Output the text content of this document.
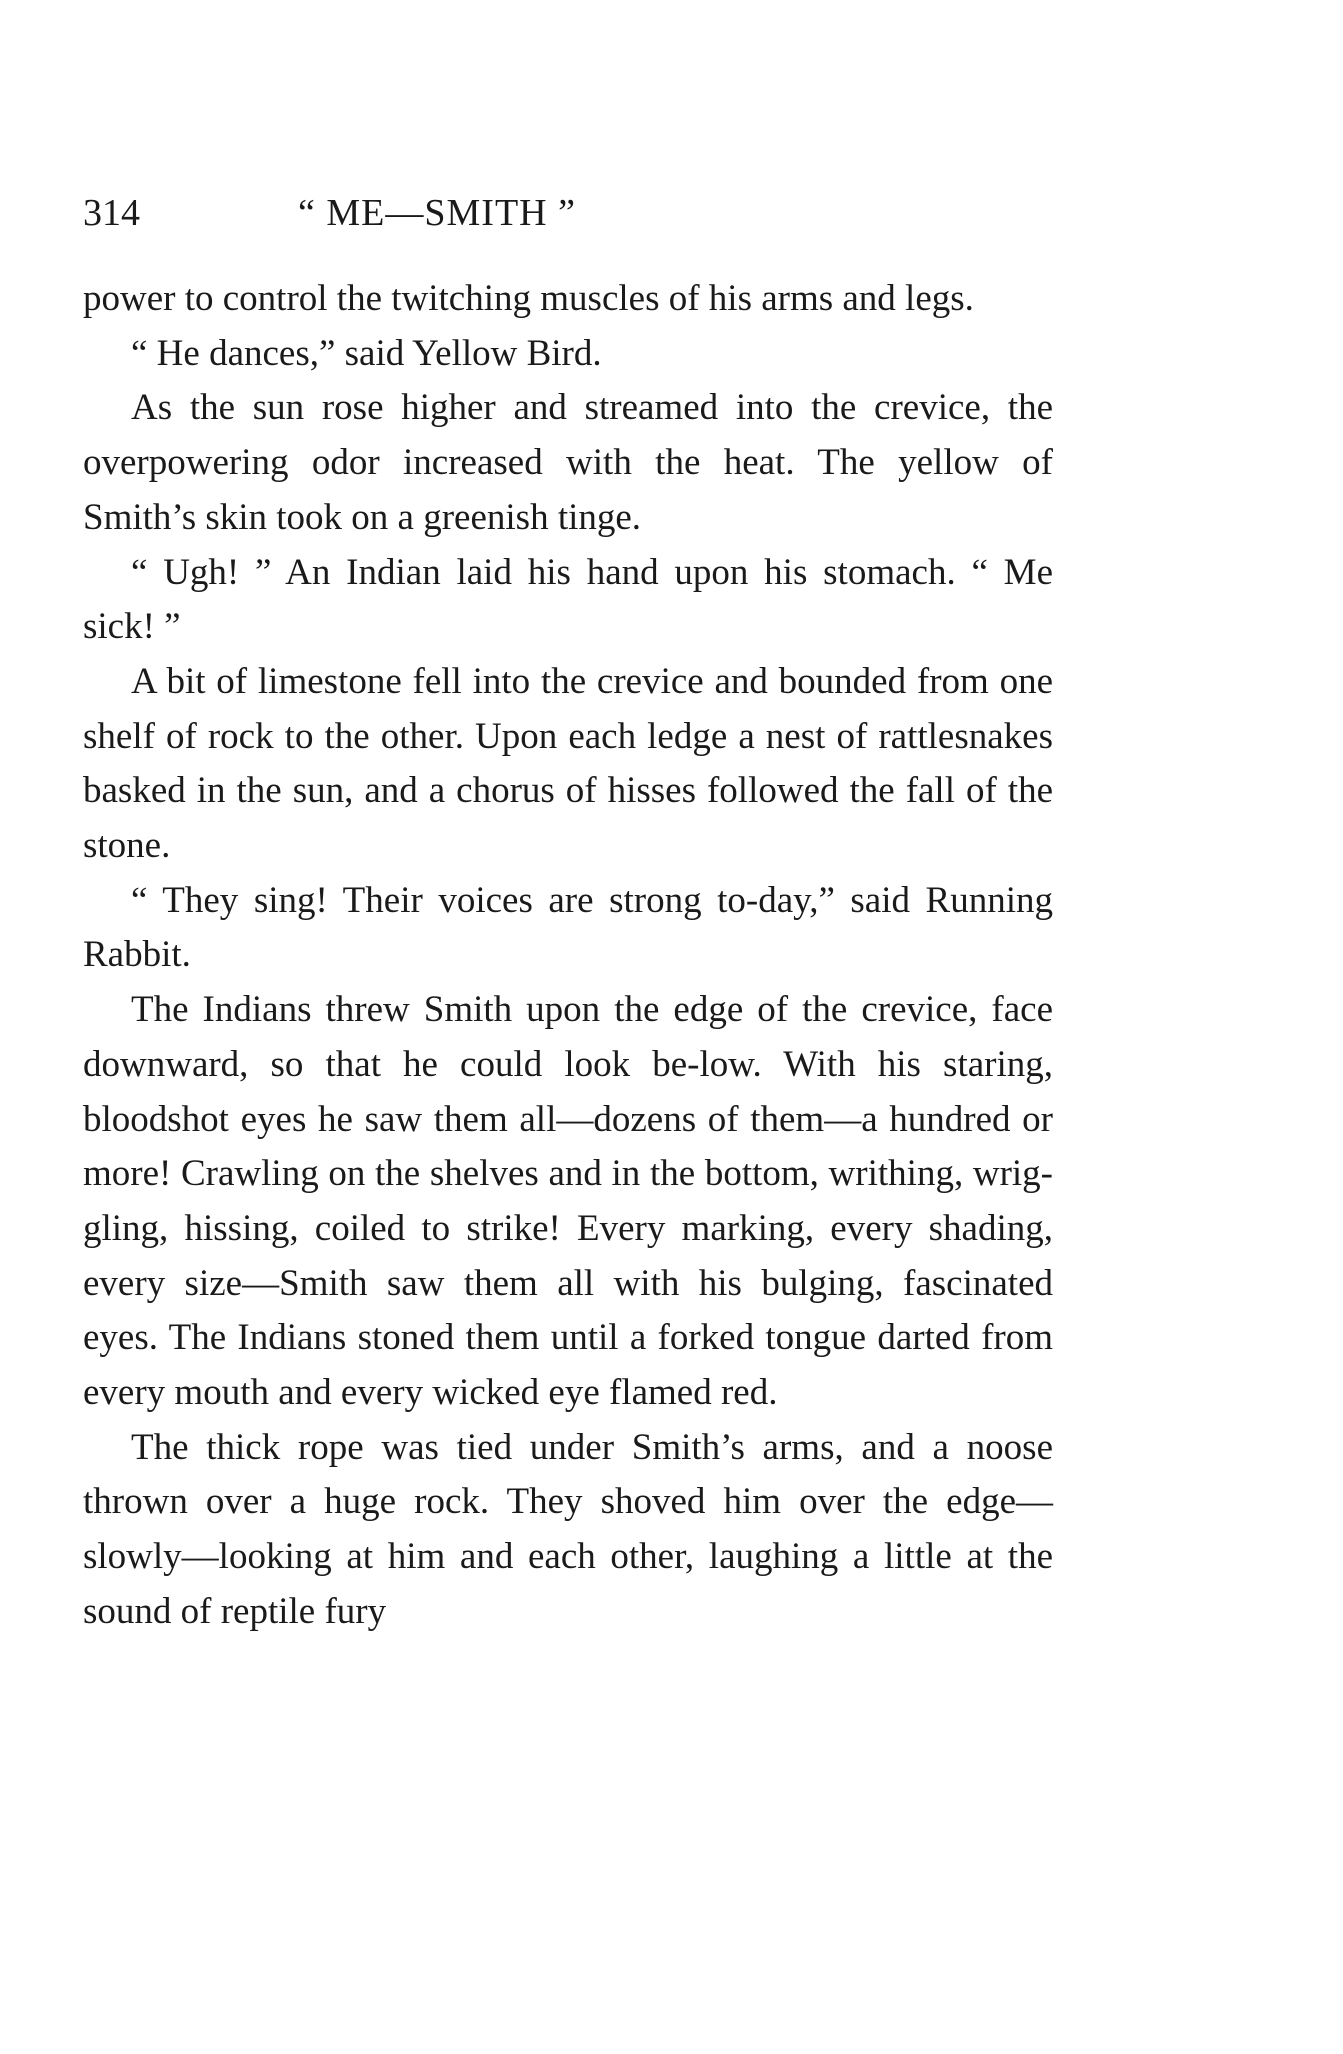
314	“ ME—SMITH ”

power to control the twitching muscles of his arms and legs.

“ He dances,” said Yellow Bird.

As the sun rose higher and streamed into the crevice, the overpowering odor increased with the heat. The yellow of Smith’s skin took on a greenish tinge.

“ Ugh! ” An Indian laid his hand upon his stomach. “ Me sick! ”

A bit of limestone fell into the crevice and bounded from one shelf of rock to the other. Upon each ledge a nest of rattlesnakes basked in the sun, and a chorus of hisses followed the fall of the stone.

“ They sing! Their voices are strong to-day,” said Running Rabbit.

The Indians threw Smith upon the edge of the crevice, face downward, so that he could look be-low. With his staring, bloodshot eyes he saw them all—dozens of them—a hundred or more! Crawling on the shelves and in the bottom, writhing, wrig-gling, hissing, coiled to strike! Every marking, every shading, every size—Smith saw them all with his bulging, fascinated eyes. The Indians stoned them until a forked tongue darted from every mouth and every wicked eye flamed red.

The thick rope was tied under Smith’s arms, and a noose thrown over a huge rock. They shoved him over the edge—slowly—looking at him and each other, laughing a little at the sound of reptile fury
